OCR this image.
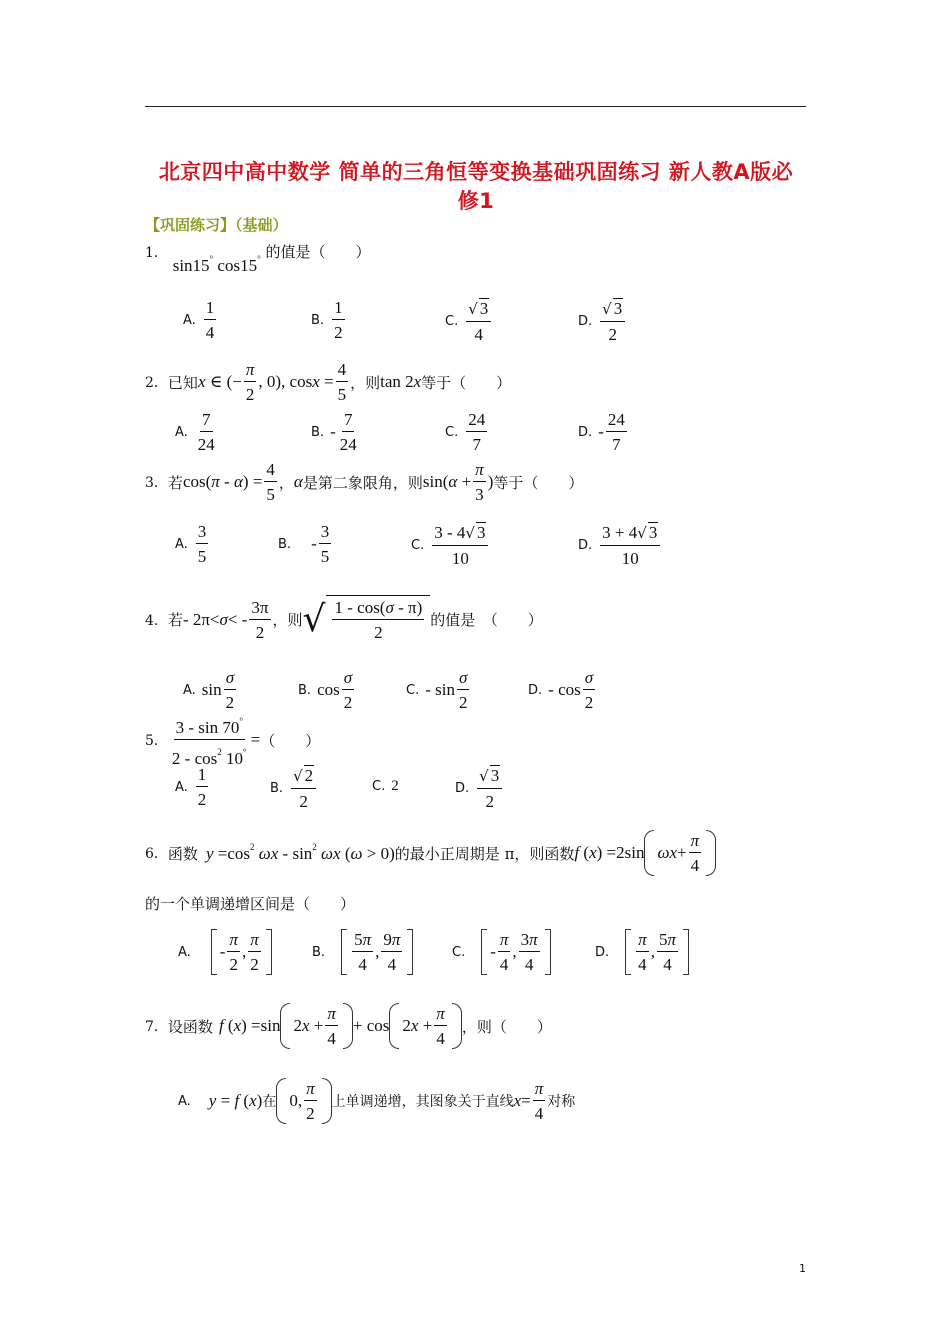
北京四中高中数学 简单的三角恒等变换基础巩固练习 新人教A版必
修1
【巩固练习】（基础）
1． sin15° cos15° 的值是（　　）
A. $\frac{1}{4}$	B. $\frac{1}{2}$	C. $\frac{√ 3}{4}$	D. $\frac{√ 3}{2}$
2． 已知 x ∈ (− $\frac{\pi}{2}$ , 0), $\cos x = \frac{4}{5}$ ，则 tan 2x 等于（　　）
A. $\frac{7}{24}$	B. - $\frac{7}{24}$	C. $\frac{24}{7}$	D. - $\frac{24}{7}$
3． 若 $\cos(\pi - \alpha) = \frac{4}{5}$ ， α 是第二象限角，则 $\sin(\alpha + \frac{\pi}{3}$ ) 等于（　　）
A. $\frac{3}{5}$	B. - $\frac{3}{5}$	C. $\frac{3 - 4√ 3}{10}$	D. $\frac{3 + 4√ 3}{10}$
4． 若 - $2\pi<\sigma< - \frac{3\pi}{2}$ ，则 √ $\frac{1 - \cos(\sigma - \pi)}{2}$ 的值是　（　　）
A. $\sin \frac{\sigma}{2}$	B. $\cos \frac{\sigma}{2}$	C. - $\sin \frac{\sigma}{2}$	D. - $\cos \frac{\sigma}{2}$
5． $\frac{3 - \sin 70^\circ}{2 - \cos^2 10^\circ}$ = （　　）
A. $\frac{1}{2}$	B. $\frac{√ 2}{2}$	C. 2	D. $\frac{√ 3}{2}$
6． 函数 $y =\cos^2$ ωx - $\sin^2 \omega x$ (ω > 0) 的最小正周期是 π，则函数 f (x) =2sin $\omega x + \frac{\pi}{4}$
的一个单调递增区间是（　　）
A. - $\frac{\pi}{2}$ , $\frac{\pi}{2}$	B. $\frac{5\pi}{4}$ , $\frac{9\pi}{4}$	C. - $\frac{\pi}{4}$ , $\frac{3\pi}{4}$	D. $\frac{\pi}{4}$ , $\frac{5\pi}{4}$
7． 设函数 f (x) =sin $2x + \frac{\pi}{4} + \cos 2x + \frac{\pi}{4}$ ，则（　　）
A. y = f (x) 在 0, $\frac{\pi}{2}$ 上单调递增，其图象关于直线 $x = \frac{\pi}{4}$ 对称
1
